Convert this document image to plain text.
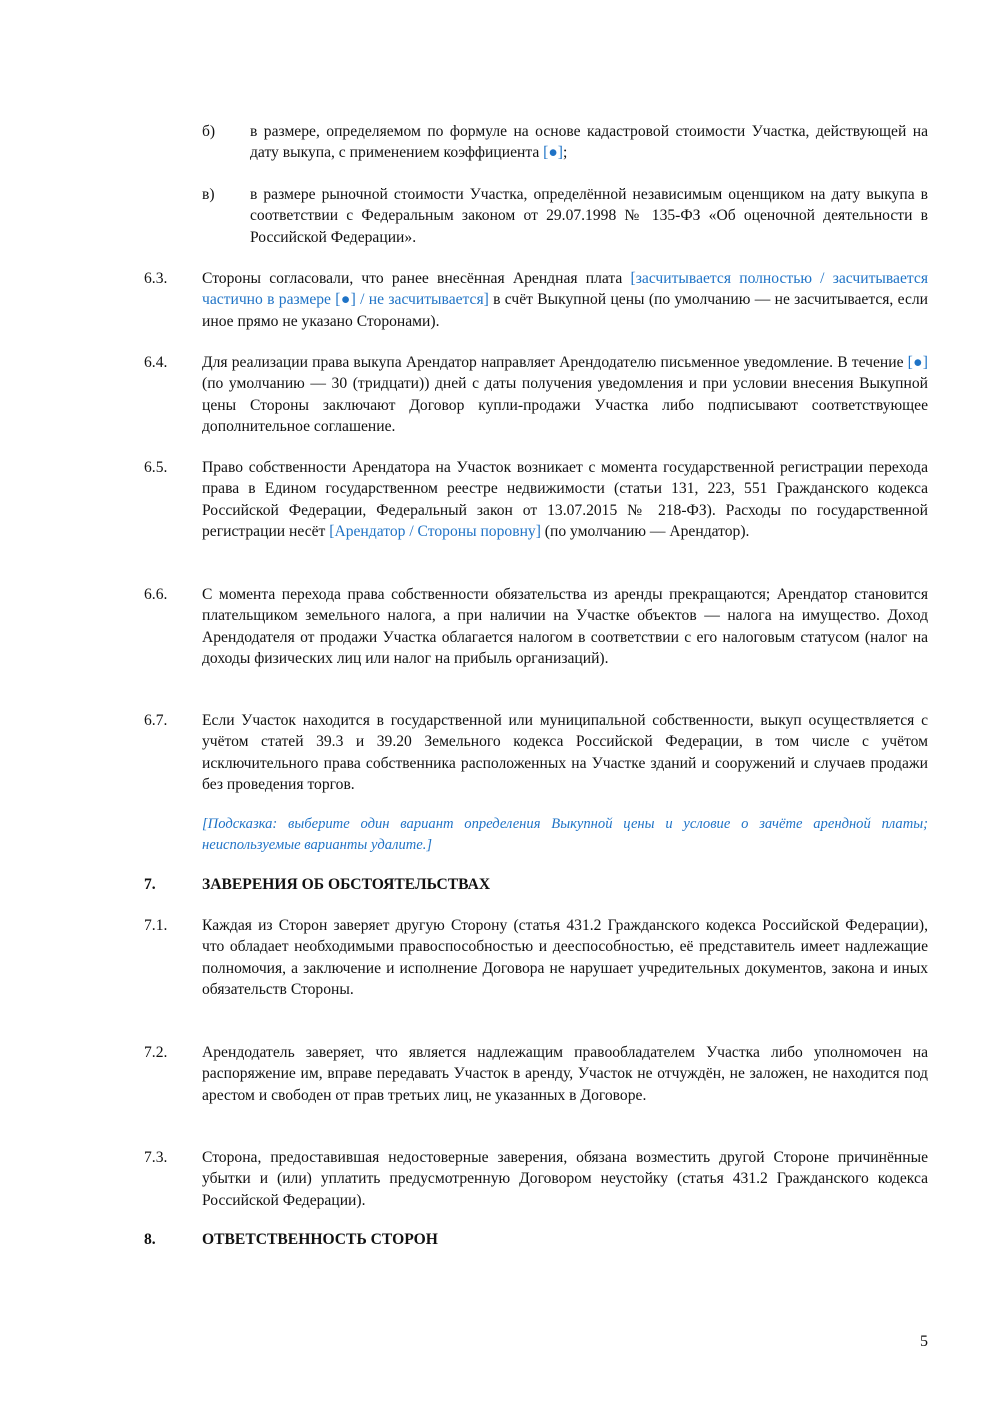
б)	в размере, определяемом по формуле на основе кадастровой стоимости Участка, действующей на дату выкупа, с применением коэффициента [●];
в)	в размере рыночной стоимости Участка, определённой независимым оценщиком на дату выкупа в соответствии с Федеральным законом от 29.07.1998 № 135-ФЗ «Об оценочной деятельности в Российской Федерации».
6.3.	Стороны согласовали, что ранее внесённая Арендная плата [засчитывается полностью / засчитывается частично в размере [●] / не засчитывается] в счёт Выкупной цены (по умолчанию — не засчитывается, если иное прямо не указано Сторонами).
6.4.	Для реализации права выкупа Арендатор направляет Арендодателю письменное уведомление. В течение [●] (по умолчанию — 30 (тридцати)) дней с даты получения уведомления и при условии внесения Выкупной цены Стороны заключают Договор купли-продажи Участка либо подписывают соответствующее дополнительное соглашение.
6.5.	Право собственности Арендатора на Участок возникает с момента государственной регистрации перехода права в Едином государственном реестре недвижимости (статьи 131, 223, 551 Гражданского кодекса Российской Федерации, Федеральный закон от 13.07.2015 № 218-ФЗ). Расходы по государственной регистрации несёт [Арендатор / Стороны поровну] (по умолчанию — Арендатор).
6.6.	С момента перехода права собственности обязательства из аренды прекращаются; Арендатор становится плательщиком земельного налога, а при наличии на Участке объектов — налога на имущество. Доход Арендодателя от продажи Участка облагается налогом в соответствии с его налоговым статусом (налог на доходы физических лиц или налог на прибыль организаций).
6.7.	Если Участок находится в государственной или муниципальной собственности, выкуп осуществляется с учётом статей 39.3 и 39.20 Земельного кодекса Российской Федерации, в том числе с учётом исключительного права собственника расположенных на Участке зданий и сооружений и случаев продажи без проведения торгов.
[Подсказка: выберите один вариант определения Выкупной цены и условие о зачёте арендной платы; неиспользуемые варианты удалите.]
7.	ЗАВЕРЕНИЯ ОБ ОБСТОЯТЕЛЬСТВАХ
7.1.	Каждая из Сторон заверяет другую Сторону (статья 431.2 Гражданского кодекса Российской Федерации), что обладает необходимыми правоспособностью и дееспособностью, её представитель имеет надлежащие полномочия, а заключение и исполнение Договора не нарушает учредительных документов, закона и иных обязательств Стороны.
7.2.	Арендодатель заверяет, что является надлежащим правообладателем Участка либо уполномочен на распоряжение им, вправе передавать Участок в аренду, Участок не отчуждён, не заложен, не находится под арестом и свободен от прав третьих лиц, не указанных в Договоре.
7.3.	Сторона, предоставившая недостоверные заверения, обязана возместить другой Стороне причинённые убытки и (или) уплатить предусмотренную Договором неустойку (статья 431.2 Гражданского кодекса Российской Федерации).
8.	ОТВЕТСТВЕННОСТЬ СТОРОН
5
